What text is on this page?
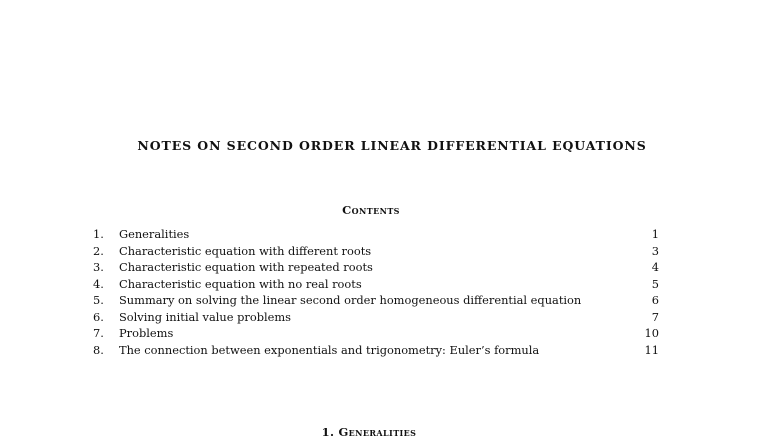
NOTES ON SECOND ORDER LINEAR DIFFERENTIAL EQUATIONS
Contents
1.	Generalities	1
2.	Characteristic equation with different roots	3
3.	Characteristic equation with repeated roots	4
4.	Characteristic equation with no real roots	5
5.	Summary on solving the linear second order homogeneous differential equation	6
6.	Solving initial value problems	7
7.	Problems	10
8.	The connection between exponentials and trigonometry: Euler’s formula	11
1. Generalities
